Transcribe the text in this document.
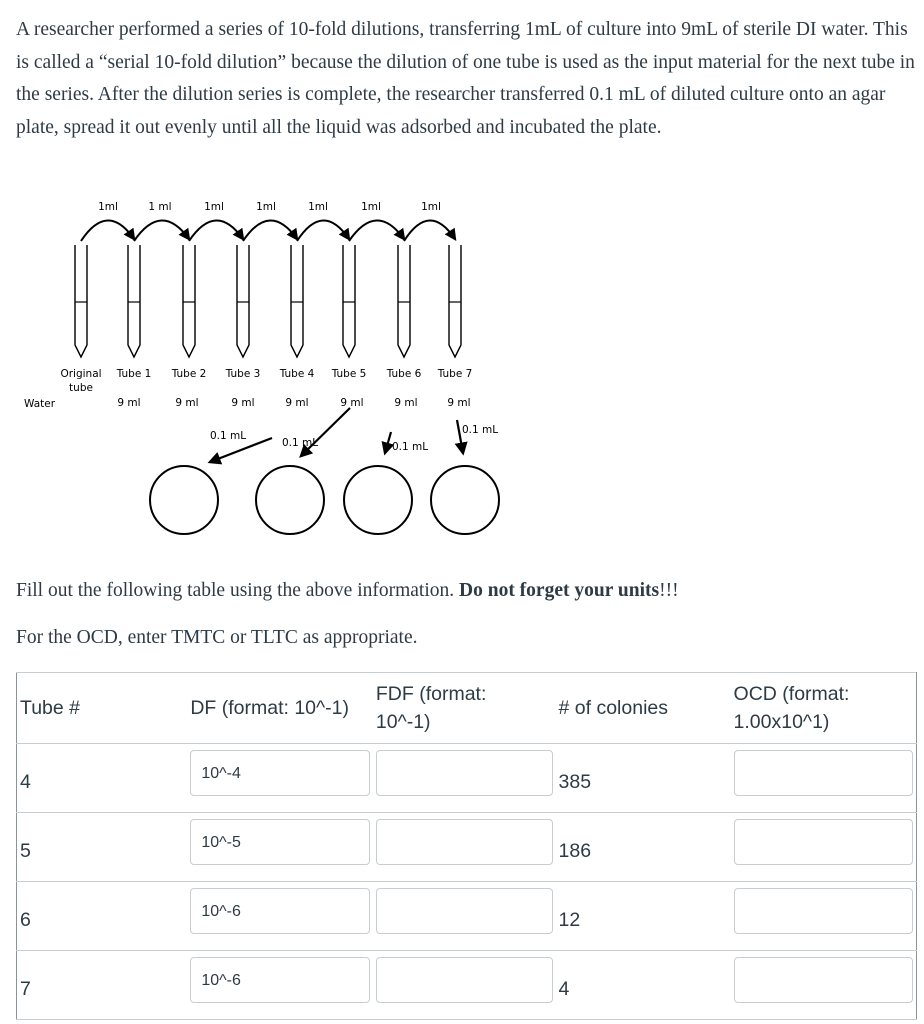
A researcher performed a series of 10-fold dilutions, transferring 1mL of culture into 9mL of sterile DI water. This is called a “serial 10-fold dilution” because the dilution of one tube is used as the input material for the next tube in the series. After the dilution series is complete, the researcher transferred 0.1 mL of diluted culture onto an agar plate, spread it out evenly until all the liquid was adsorbed and incubated the plate.

1ml	1 ml	1ml	1ml	1ml	1ml	1ml
Original
tube
Tube 1 Tube 2 Tube 3 Tube 4 Tube 5 Tube 6 Tube 7
Water	9 ml	9 ml	9 ml	9 ml	9 ml	9 ml	9 ml
0.1 mL
0.1 mL	0.1 mL
0.1 mL

Fill out the following table using the above information. Do not forget your units!!!

For the OCD, enter TMTC or TLTC as appropriate.

Tube #	DF (format: 10^-1)	FDF (format:
10^-1)	# of colonies	OCD (format:
1.00x10^1)

4	10^-4		385	

5	10^-5		186	

6	10^-6		12	

7	10^-6		4	
